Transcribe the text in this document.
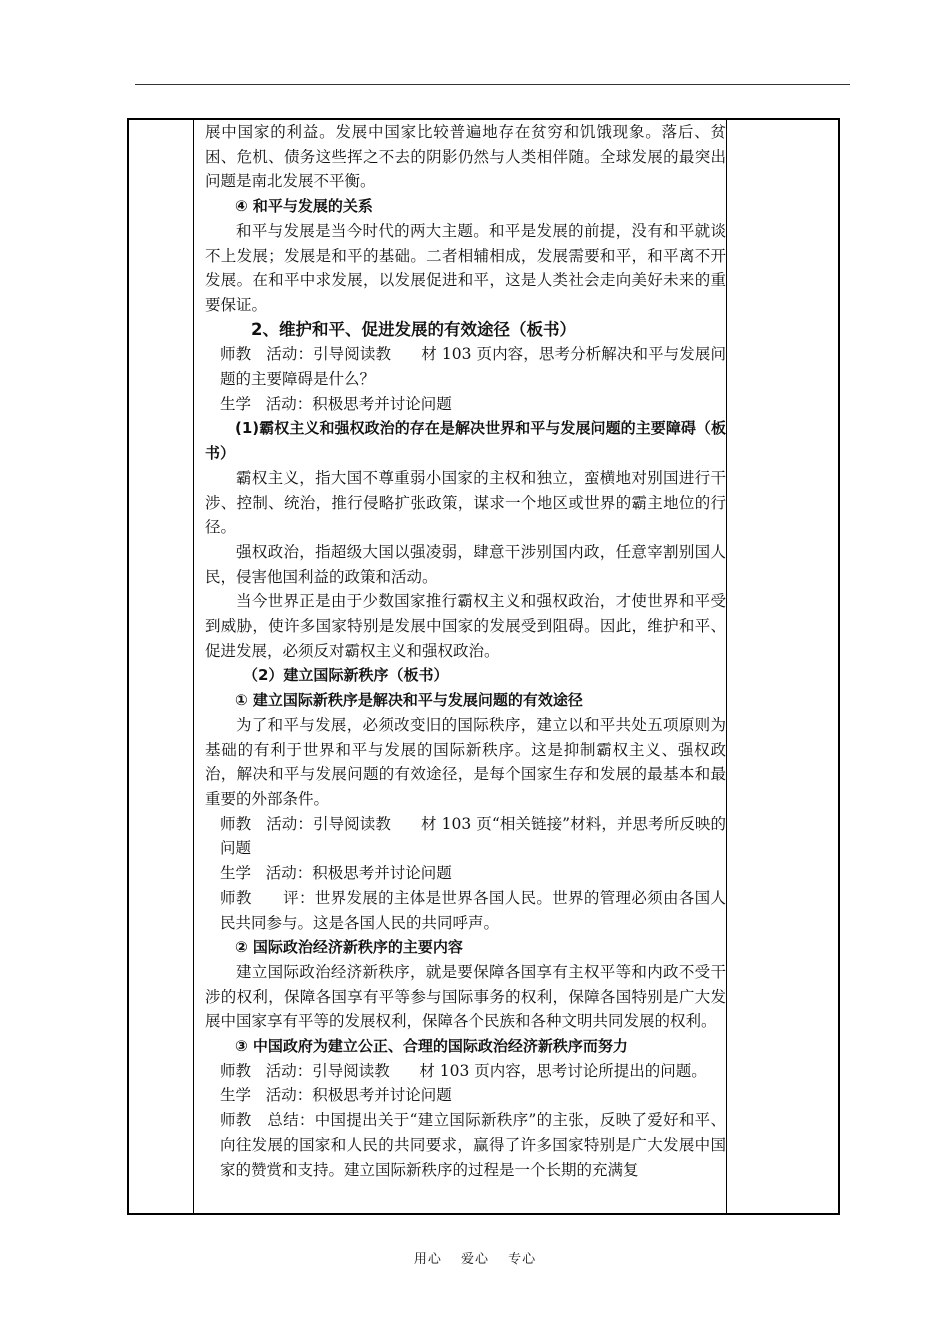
展中国家的利益。发展中国家比较普遍地存在贫穷和饥饿现象。落后、贫困、危机、债务这些挥之不去的阴影仍然与人类相伴随。全球发展的最突出问题是南北发展不平衡。

④ 和平与发展的关系

和平与发展是当今时代的两大主题。和平是发展的前提，没有和平就谈不上发展；发展是和平的基础。二者相辅相成，发展需要和平，和平离不开发展。在和平中求发展，以发展促进和平，这是人类社会走向美好未来的重要保证。

2、维护和平、促进发展的有效途径（板书）

师教   活动：引导阅读教      材 103 页内容，思考分析解决和平与发展问题的主要障碍是什么？

生学   活动：积极思考并讨论问题

(1)霸权主义和强权政治的存在是解决世界和平与发展问题的主要障碍（板书）

霸权主义，指大国不尊重弱小国家的主权和独立，蛮横地对别国进行干涉、控制、统治，推行侵略扩张政策，谋求一个地区或世界的霸主地位的行径。

强权政治，指超级大国以强凌弱，肆意干涉别国内政，任意宰割别国人民，侵害他国利益的政策和活动。

当今世界正是由于少数国家推行霸权主义和强权政治，才使世界和平受到威胁，使许多国家特别是发展中国家的发展受到阻碍。因此，维护和平、促进发展，必须反对霸权主义和强权政治。

（2）建立国际新秩序（板书）

① 建立国际新秩序是解决和平与发展问题的有效途径

为了和平与发展，必须改变旧的国际秩序，建立以和平共处五项原则为基础的有利于世界和平与发展的国际新秩序。这是抑制霸权主义、强权政治，解决和平与发展问题的有效途径，是每个国家生存和发展的最基本和最重要的外部条件。

师教   活动：引导阅读教      材 103 页“相关链接”材料，并思考所反映的问题

生学   活动：积极思考并讨论问题

师教      评：世界发展的主体是世界各国人民。世界的管理必须由各国人民共同参与。这是各国人民的共同呼声。

② 国际政治经济新秩序的主要内容

建立国际政治经济新秩序，就是要保障各国享有主权平等和内政不受干涉的权利，保障各国享有平等参与国际事务的权利，保障各国特别是广大发展中国家享有平等的发展权利，保障各个民族和各种文明共同发展的权利。

③ 中国政府为建立公正、合理的国际政治经济新秩序而努力

师教   活动：引导阅读教      材 103 页内容，思考讨论所提出的问题。

生学   活动：积极思考并讨论问题

师教   总结：中国提出关于“建立国际新秩序”的主张，反映了爱好和平、向往发展的国家和人民的共同要求，赢得了许多国家特别是广大发展中国家的赞赏和支持。建立国际新秩序的过程是一个长期的充满复

用心 爱心 专心
